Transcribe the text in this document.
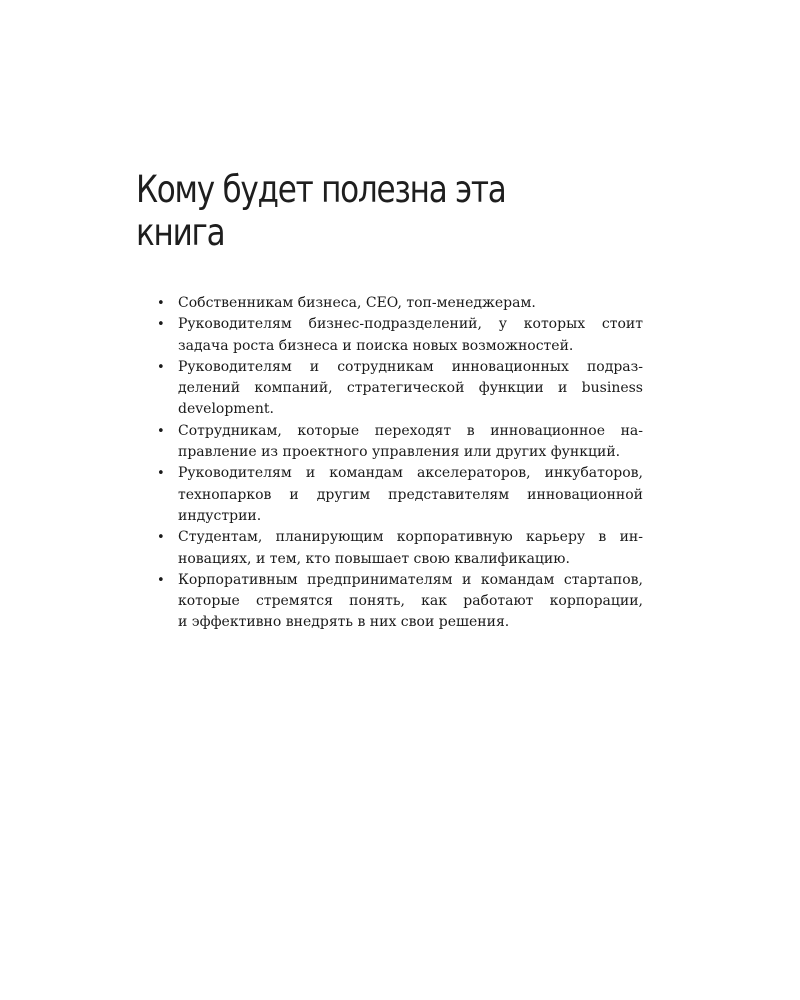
Кому будет полезна эта
книга
• Собственникам бизнеса, CEO, топ-менеджерам.
• Руководителям бизнес-подразделений, у которых стоит
задача роста бизнеса и поиска новых возможностей.
• Руководителям и сотрудникам инновационных подраз-
делений компаний, стратегической функции и business
development.
• Сотрудникам, которые переходят в инновационное на-
правление из проектного управления или других функций.
• Руководителям и командам акселераторов, инкубаторов,
технопарков и другим представителям инновационной
индустрии.
• Студентам, планирующим корпоративную карьеру в ин-
новациях, и тем, кто повышает свою квалификацию.
• Корпоративным предпринимателям и командам стартапов,
которые стремятся понять, как работают корпорации,
и эффективно внедрять в них свои решения.
